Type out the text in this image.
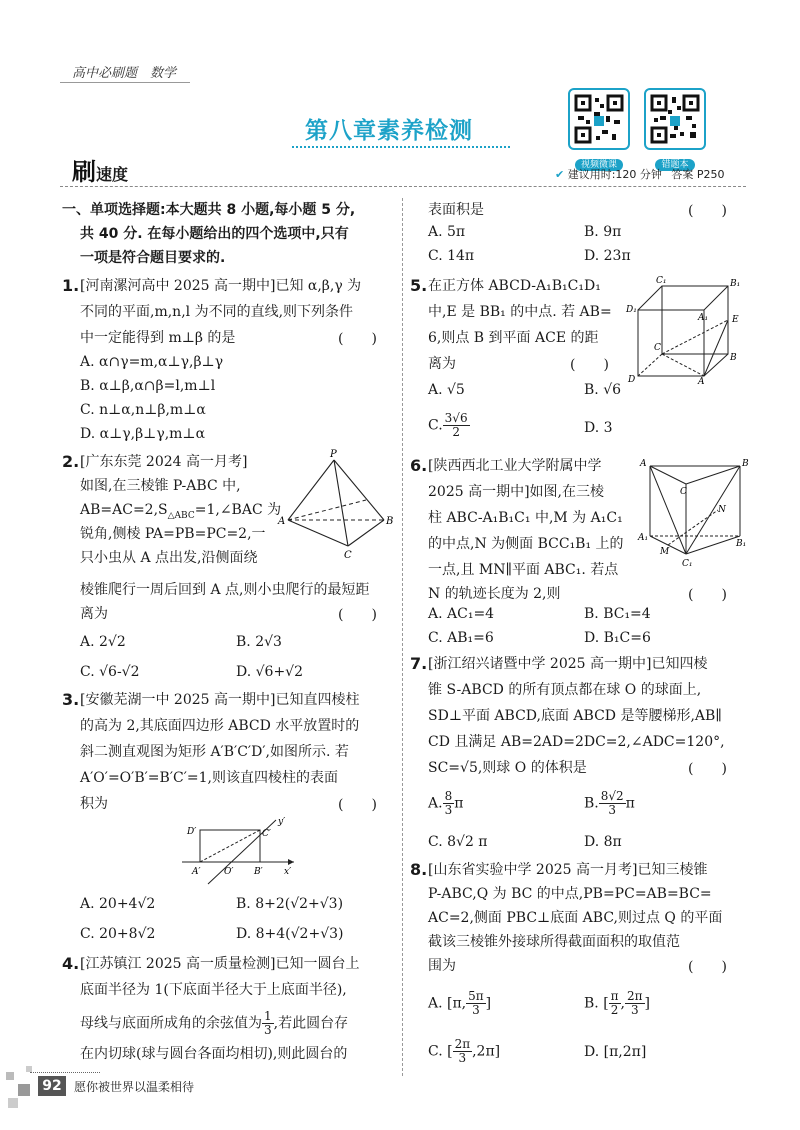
高中必刷题　数学
第八章素养检测
视频微课	错题本
刷速度	✔ 建议用时:120 分钟 答案 P250
一、单项选择题:本大题共 8 小题,每小题 5 分,
共 40 分. 在每小题给出的四个选项中,只有
一项是符合题目要求的.
1. [河南漯河高中 2025 高一期中]已知 α,β,γ 为
不同的平面,m,n,l 为不同的直线,则下列条件
中一定能得到 m⊥β 的是	(　　)
A. α∩γ=m,α⊥γ,β⊥γ
B. α⊥β,α∩β=l,m⊥l
C. n⊥α,n⊥β,m⊥α
D. α⊥γ,β⊥γ,m⊥α
2. [广东东莞 2024 高一月考]
如图,在三棱锥 P-ABC 中,
$AB=AC=2,S_{\triangle ABC}=1,\angle BAC$ 为
锐角,侧棱 PA=PB=PC=2,一
只小虫从 A 点出发,沿侧面绕
棱锥爬行一周后回到 A 点,则小虫爬行的最短距
离为	(　　)
A. 2√2	B. 2√3
C. √6-√2	D. √6+√2
P
A	B
C
3. [安徽芜湖一中 2025 高一期中]已知直四棱柱
的高为 2,其底面四边形 ABCD 水平放置时的
斜二测直观图为矩形 A′B′C′D′,如图所示. 若
A′O′=O′B′=B′C′=1,则该直四棱柱的表面
积为	(　　)
D′	C′
A′	O′ B′
y′
x′
A. 20+4√2	B. 8+2(√2+√3)
C. 20+8√2	D. 8+4(√2+√3)
4. [江苏镇江 2025 高一质量检测]已知一圆台上
底面半径为 1(下底面半径大于上底面半径),
母线与底面所成角的余弦值为 $\frac{1}{3}$ ,若此圆台存
在内切球(球与圆台各面均相切),则此圆台的
表面积是	(　　)
A. 5π	B. 9π
C. 14π	D. 23π
5. 在正方体 ABCD-A₁B₁C₁D₁
中,E 是 BB₁ 的中点. 若 AB=
6,则点 B 到平面 ACE 的距
离为	(　　)
A. √5	B. √6
C. $\frac{3√6}{2}$	D. 3
C₁	B₁
D₁
A₁	E
C
B
D	A
6. [陕西西北工业大学附属中学
2025 高一期中]如图,在三棱
柱 ABC-A₁B₁C₁ 中,M 为 A₁C₁
的中点,N 为侧面 BCC₁B₁ 上的
一点,且 MN∥平面 ABC₁. 若点
N 的轨迹长度为 2,则	(　　)
A. AC₁=4	B. BC₁=4
C. AB₁=6	D. B₁C=6
A	B
C
N
A₁
M
C₁
B₁
7. [浙江绍兴诸暨中学 2025 高一期中]已知四棱
锥 S-ABCD 的所有顶点都在球 O 的球面上,
SD⊥平面 ABCD,底面 ABCD 是等腰梯形,AB∥
CD 且满足 AB=2AD=2DC=2,∠ADC=120°,
SC=√5,则球 O 的体积是	(　　)
A. $\frac{8}{3}$ π	B. $\frac{8√2}{3}$ π
C. 8√2 π	D. 8π
8. [山东省实验中学 2025 高一月考]已知三棱锥
P-ABC,Q 为 BC 的中点,PB=PC=AB=BC=
AC=2,侧面 PBC⊥底面 ABC,则过点 Q 的平面
截该三棱锥外接球所得截面面积的取值范
围为	(　　)
A. [π, $\frac{5\pi}{3}$ ]	B. [ $\frac{\pi}{2}$ , $\frac{2\pi}{3}$ ]
C. [ $\frac{2\pi}{3} ,2\pi$]	D. [π,2π]
92	愿你被世界以温柔相待
